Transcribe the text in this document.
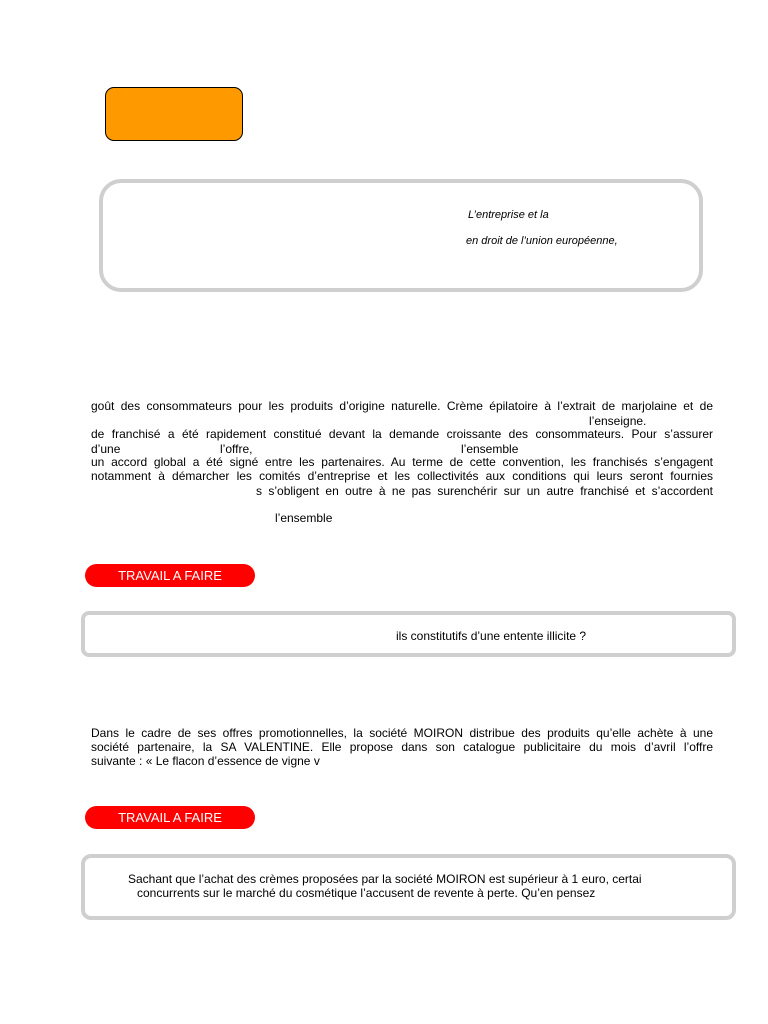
L’entreprise et la
en droit de l’union européenne,
goût des consommateurs pour les produits d’origine naturelle. Crème épilatoire à l’extrait de marjolaine et de
l’enseigne.
de franchisé a été rapidement constitué devant la demande croissante des consommateurs. Pour s’assurer
d’une	l’offre,	l’ensemble
un accord global a été signé entre les partenaires. Au terme de cette convention, les franchisés s’engagent
notamment à démarcher les comités d’entreprise et les collectivités aux conditions qui leurs seront fournies
s s’obligent en outre à ne pas surenchérir sur un autre franchisé et s’accordent
l’ensemble
TRAVAIL A FAIRE
ils constitutifs d’une entente illicite ?
Dans le cadre de ses offres promotionnelles, la société MOIRON distribue des produits qu’elle achète à une
société partenaire, la SA VALENTINE. Elle propose dans son catalogue publicitaire du mois d’avril l’offre
suivante : « Le flacon d’essence de vigne v
TRAVAIL A FAIRE
Sachant que l’achat des crèmes proposées par la société MOIRON est supérieur à 1 euro, certai
concurrents sur le marché du cosmétique l’accusent de revente à perte. Qu’en pensez
